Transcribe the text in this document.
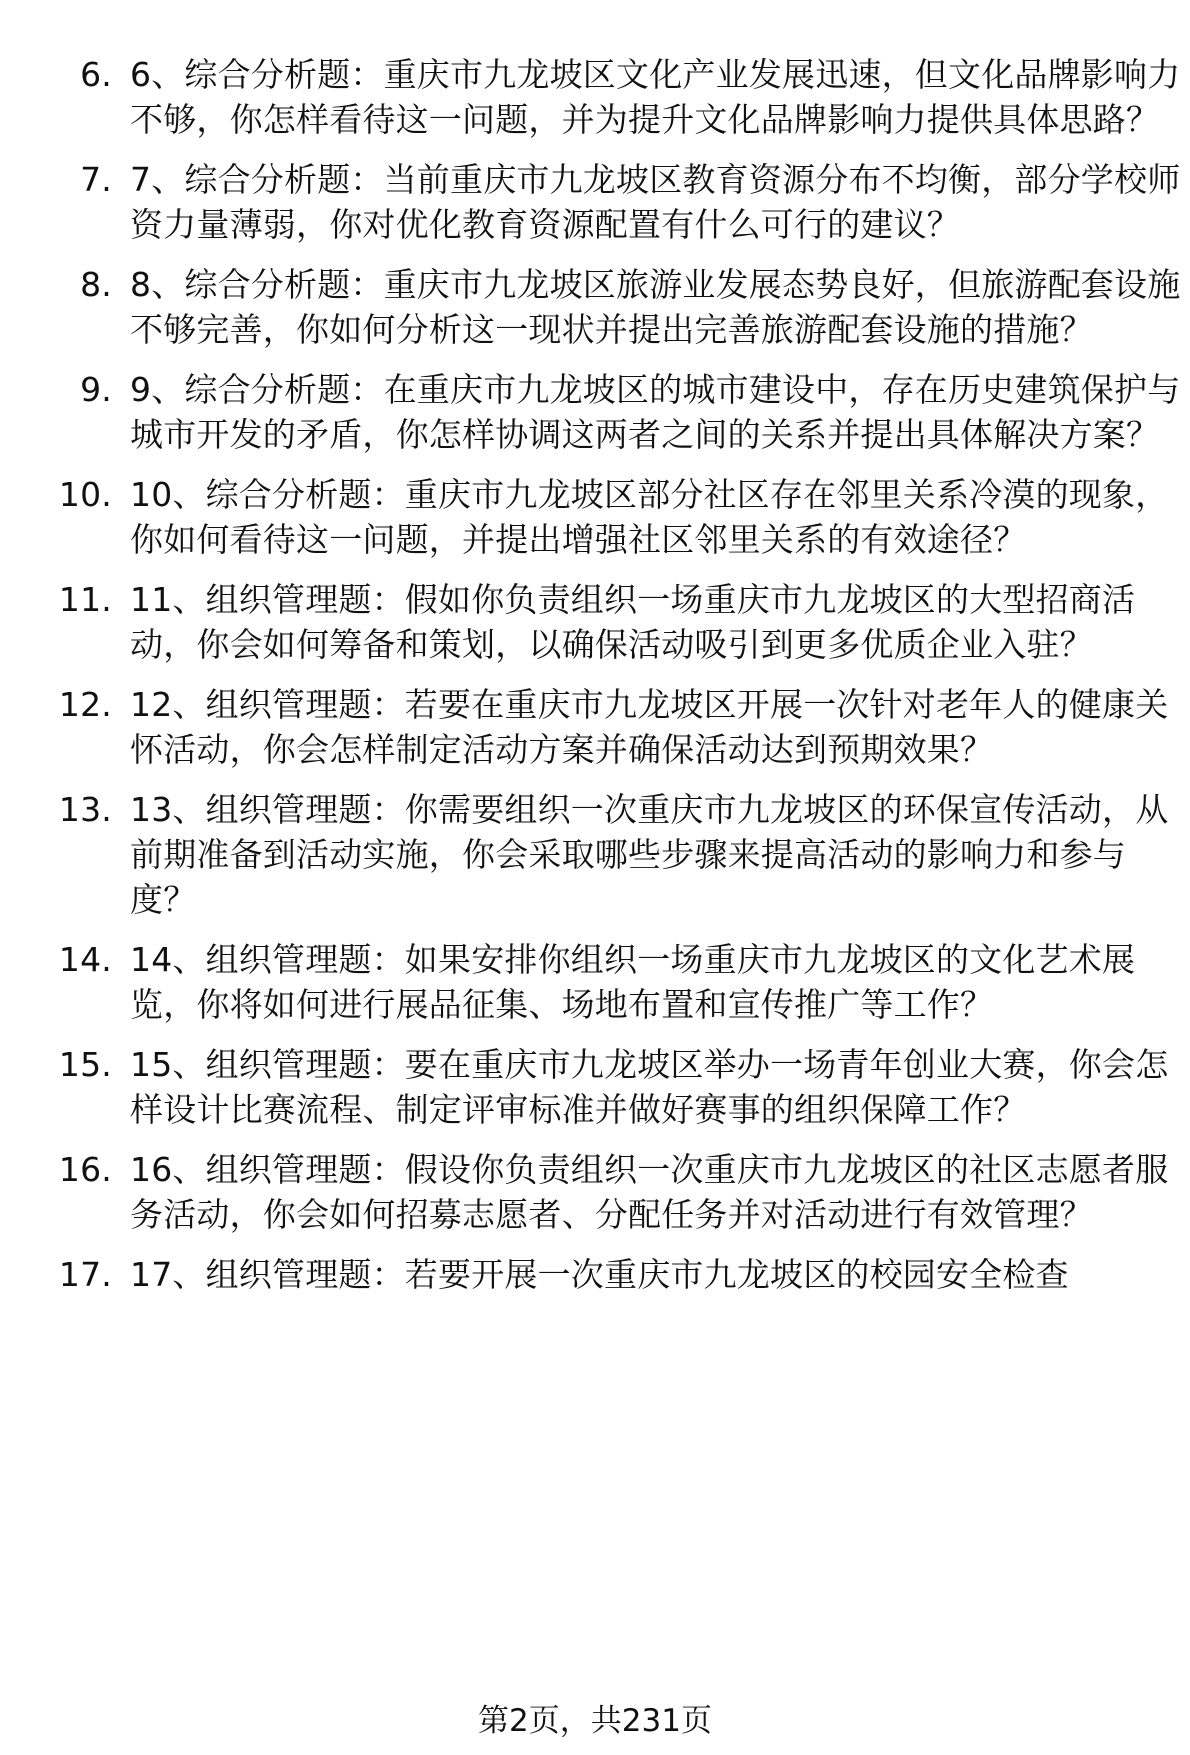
6. 6、综合分析题：重庆市九龙坡区文化产业发展迅速，但文化品牌影响力不够，你怎样看待这一问题，并为提升文化品牌影响力提供具体思路？
7. 7、综合分析题：当前重庆市九龙坡区教育资源分布不均衡，部分学校师资力量薄弱，你对优化教育资源配置有什么可行的建议？
8. 8、综合分析题：重庆市九龙坡区旅游业发展态势良好，但旅游配套设施不够完善，你如何分析这一现状并提出完善旅游配套设施的措施？
9. 9、综合分析题：在重庆市九龙坡区的城市建设中，存在历史建筑保护与城市开发的矛盾，你怎样协调这两者之间的关系并提出具体解决方案？
10. 10、综合分析题：重庆市九龙坡区部分社区存在邻里关系冷漠的现象，你如何看待这一问题，并提出增强社区邻里关系的有效途径？
11. 11、组织管理题：假如你负责组织一场重庆市九龙坡区的大型招商活动，你会如何筹备和策划，以确保活动吸引到更多优质企业入驻？
12. 12、组织管理题：若要在重庆市九龙坡区开展一次针对老年人的健康关怀活动，你会怎样制定活动方案并确保活动达到预期效果？
13. 13、组织管理题：你需要组织一次重庆市九龙坡区的环保宣传活动，从前期准备到活动实施，你会采取哪些步骤来提高活动的影响力和参与度？
14. 14、组织管理题：如果安排你组织一场重庆市九龙坡区的文化艺术展览，你将如何进行展品征集、场地布置和宣传推广等工作？
15. 15、组织管理题：要在重庆市九龙坡区举办一场青年创业大赛，你会怎样设计比赛流程、制定评审标准并做好赛事的组织保障工作？
16. 16、组织管理题：假设你负责组织一次重庆市九龙坡区的社区志愿者服务活动，你会如何招募志愿者、分配任务并对活动进行有效管理？
17. 17、组织管理题：若要开展一次重庆市九龙坡区的校园安全检查
第2页，共231页
